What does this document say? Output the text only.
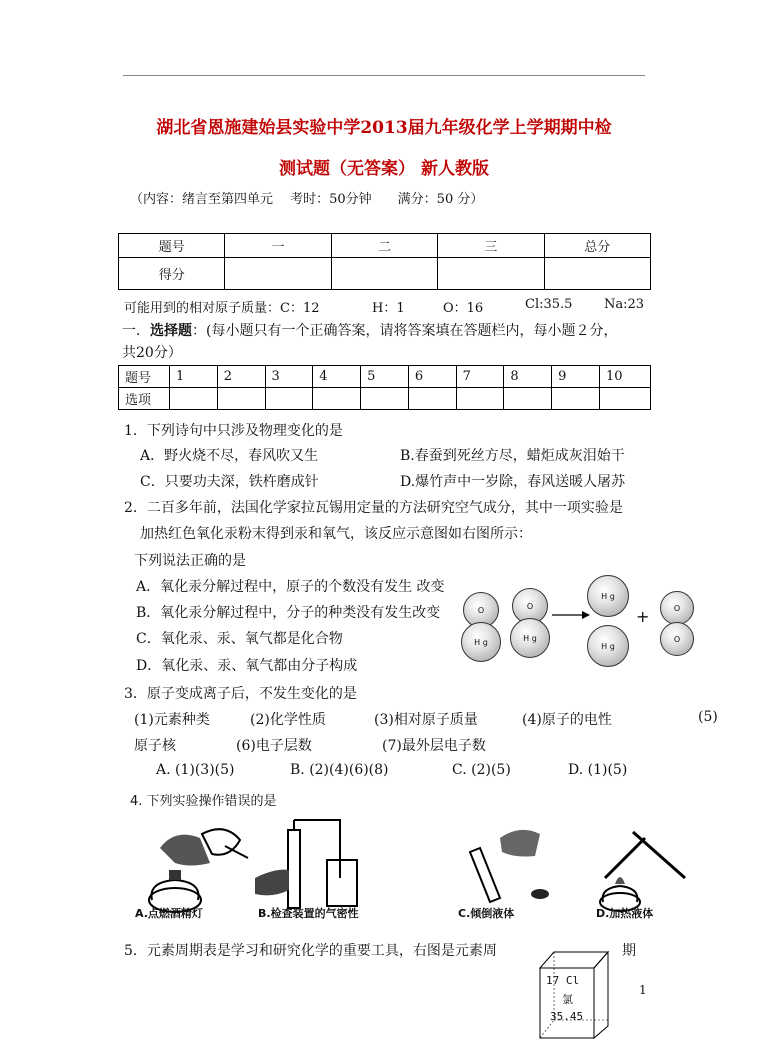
湖北省恩施建始县实验中学2013届九年级化学上学期期中检
测试题（无答案） 新人教版
（内容：绪言至第四单元　 考时：50分钟　　满分：50 分）
题号	一	二	三	总分
得分				
可能用到的相对原子质量：C：12	H：1	O：16	Cl:35.5 Na:23
一．选择题：(每小题只有一个正确答案，请将答案填在答题栏内，每小题２分，
共20分）
题号	1	2	3	4	5	6	7	8	9	10
选项										
1．下列诗句中只涉及物理变化的是
A．野火烧不尽，春风吹又生	B.春蚕到死丝方尽，蜡炬成灰泪始干
C．只要功夫深，铁杵磨成针	D.爆竹声中一岁除，春风送暖人屠苏
2．二百多年前，法国化学家拉瓦锡用定量的方法研究空气成分，其中一项实验是
加热红色氧化汞粉末得到汞和氧气，该反应示意图如右图所示：
下列说法正确的是
A．氧化汞分解过程中，原子的个数没有发生 改变
B．氧化汞分解过程中，分子的种类没有发生改变
C．氧化汞、汞、氧气都是化合物
D．氧化汞、汞、氧气都由分子构成
O
H g
O
H g
H g
H g
+	O
O
3．原子变成离子后，不发生变化的是
(1)元素种类	(2)化学性质	(3)相对原子质量	(4)原子的电性	(5)
原子核	(6)电子层数	(7)最外层电子数
A. (1)(3)(5)	B. (2)(4)(6)(8)	C. (2)(5)	D. (1)(5)
4. 下列实验操作错误的是
A.点燃酒精灯	B.检查装置的气密性	C.倾倒液体	D.加热液体
5．元素周期表是学习和研究化学的重要工具，右图是元素周	期
17 Cl
氯
35.45
1
